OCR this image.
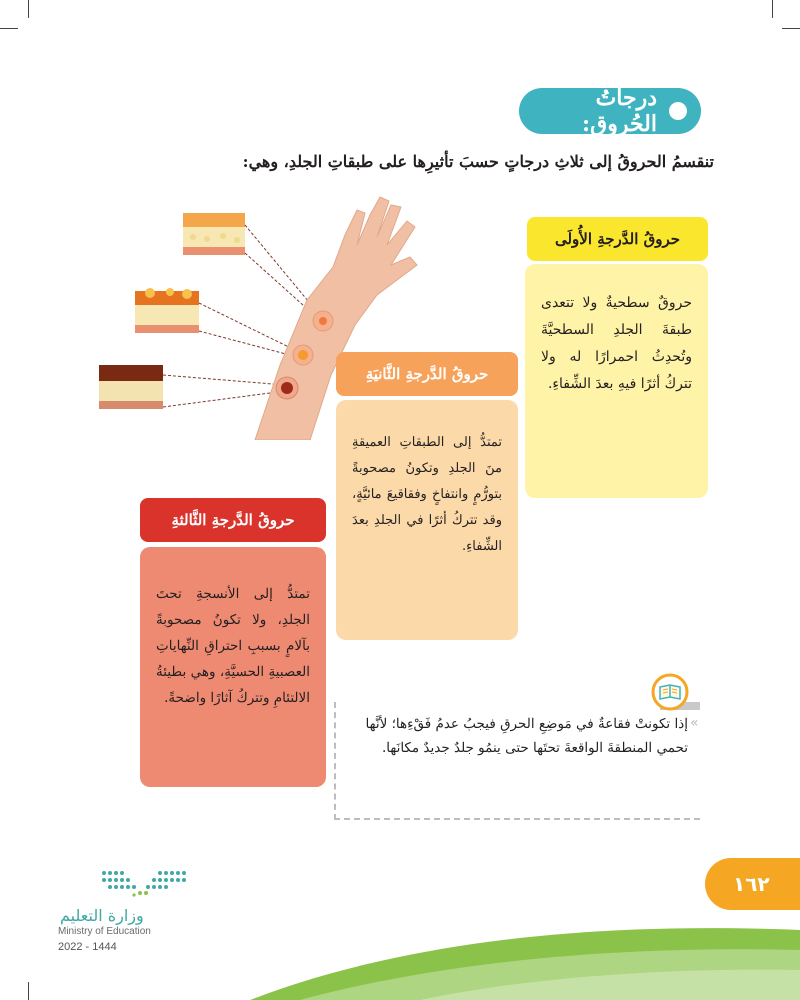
درجاتُ الحُروق:
تنقسمُ الحروقُ إلى ثلاثِ درجاتٍ حسبَ تأثيرِها على طبقاتِ الجلدِ، وهي:
حروقُ الدَّرجةِ الأُولَى
حروقٌ سطحيةٌ ولا تتعدى طبقةَ الجلدِ السطحيَّةَ وتُحدِثُ احمرارًا له ولا تتركُ أثرًا فيهِ بعدَ الشِّفاءِ.
حروقُ الدَّرجةِ الثَّانيَةِ
تمتدُّ إلى الطبقاتِ العميقةِ منَ الجلدِ وتكونُ مصحوبةً بتورُّمٍ وانتفاخٍ وفقاقيعَ مائيَّةٍ، وقد تتركُ أثرًا في الجلدِ بعدَ الشِّفاءِ.
حروقُ الدَّرجةِ الثَّالثةِ
تمتدُّ إلى الأنسجةِ تحتَ الجلدِ، ولا تكونُ مصحوبةً بآلامٍ بسببِ احتراقِ النِّهاياتِ العصبيةِ الحسيَّةِ، وهي بطيئةُ الالتئامِ وتتركُ آثارًا واضحةً.
«
إذا تكونتْ فقاعةٌ في مَوضِعِ الحرقِ فيجبُ عدمُ فَقْءِها؛ لأنَّها تحمي المنطقةَ الواقعةَ تحتَها حتى ينمُو جلدٌ جديدٌ مكانَها.
١٦٢
وزارة التعليم
Ministry of Education
2022 - 1444
